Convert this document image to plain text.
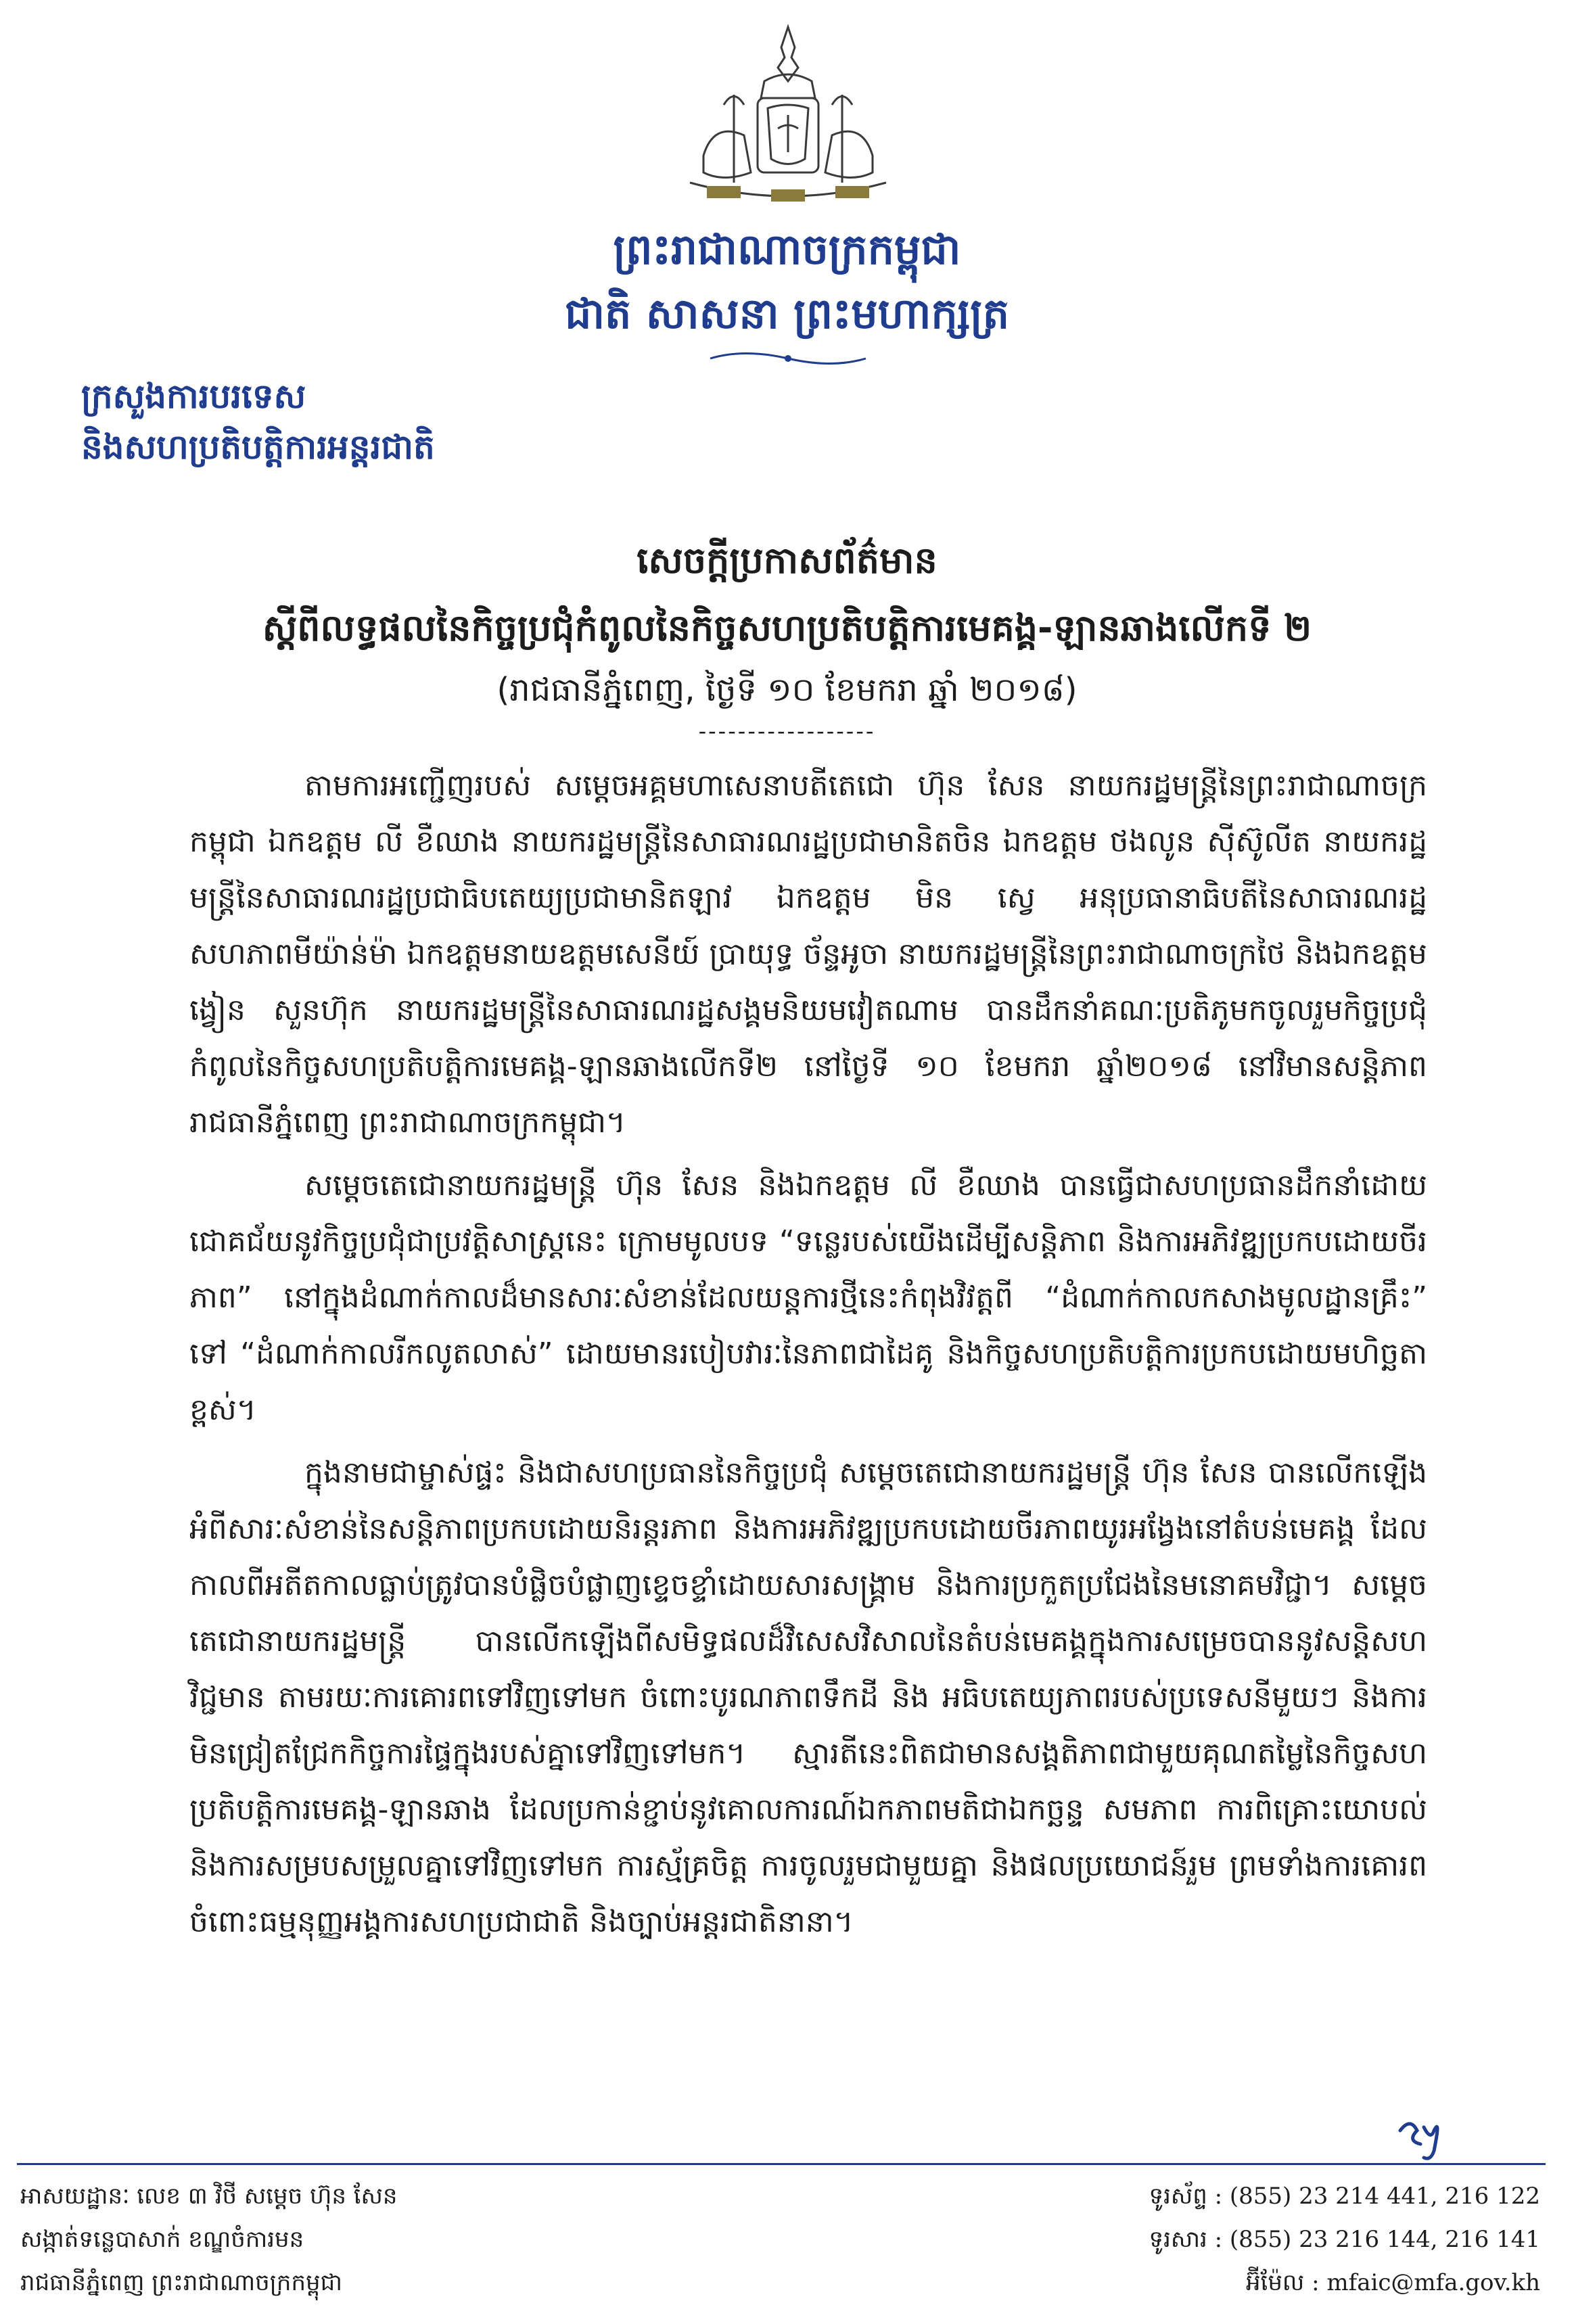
ព្រះរាជាណាចក្រកម្ពុជា
ជាតិ សាសនា ព្រះមហាក្សត្រ
ក្រសួងការបរទេស
និងសហប្រតិបត្តិការអន្តរជាតិ
សេចក្តីប្រកាសព័ត៌មាន
ស្តីពីលទ្ធផលនៃកិច្ចប្រជុំកំពូលនៃកិច្ចសហប្រតិបត្តិការមេគង្គ-ឡានឆាងលើកទី ២
(រាជធានីភ្នំពេញ, ថ្ងៃទី ១០ ខែមករា ឆ្នាំ ២០១៨)
------------------

តាមការអញ្ជើញរបស់ សម្តេចអគ្គមហាសេនាបតីតេជោ ហ៊ុន សែន នាយករដ្ឋមន្ត្រីនៃព្រះរាជាណាចក្រកម្ពុជា ឯកឧត្តម លី ខឺឈាង នាយករដ្ឋមន្ត្រីនៃសាធារណរដ្ឋប្រជាមានិតចិន ឯកឧត្តម ថងលូន ស៊ីស៊ូលីត នាយករដ្ឋមន្ត្រីនៃសាធារណរដ្ឋប្រជាធិបតេយ្យប្រជាមានិតឡាវ ឯកឧត្តម មិន ស្វេ អនុប្រធានាធិបតីនៃសាធារណរដ្ឋសហភាពមីយ៉ាន់ម៉ា ឯកឧត្តមនាយឧត្តមសេនីយ៍ ប្រាយុទ្ធ ច័ន្ទអូចា នាយករដ្ឋមន្ត្រីនៃព្រះរាជាណាចក្រថៃ និងឯកឧត្តម ង្វៀន សួនហ៊ុក នាយករដ្ឋមន្ត្រីនៃសាធារណរដ្ឋសង្គមនិយមវៀតណាម បានដឹកនាំគណៈប្រតិភូមកចូលរួមកិច្ចប្រជុំកំពូលនៃកិច្ចសហប្រតិបត្តិការមេគង្គ-ឡានឆាងលើកទី២ នៅថ្ងៃទី ១០ ខែមករា ឆ្នាំ២០១៨ នៅវិមានសន្តិភាព រាជធានីភ្នំពេញ ព្រះរាជាណាចក្រកម្ពុជា។

សម្តេចតេជោនាយករដ្ឋមន្ត្រី ហ៊ុន សែន និងឯកឧត្តម លី ខឺឈាង បានធ្វើជាសហប្រធានដឹកនាំដោយជោគជ័យនូវកិច្ចប្រជុំជាប្រវត្តិសាស្ត្រនេះ ក្រោមមូលបទ “ទន្លេរបស់យើងដើម្បីសន្តិភាព និងការអភិវឌ្ឍប្រកបដោយចីរភាព” នៅក្នុងដំណាក់កាលដ៏មានសារៈសំខាន់ដែលយន្តការថ្មីនេះកំពុងវិវត្តពី “ដំណាក់កាលកសាងមូលដ្ឋានគ្រឹះ” ទៅ “ដំណាក់កាលរីកលូតលាស់” ដោយមានរបៀបវារៈនៃភាពជាដៃគូ និងកិច្ចសហប្រតិបត្តិការប្រកបដោយមហិច្ឆតាខ្ពស់។

ក្នុងនាមជាម្ចាស់ផ្ទះ និងជាសហប្រធាននៃកិច្ចប្រជុំ សម្តេចតេជោនាយករដ្ឋមន្ត្រី ហ៊ុន សែន បានលើកឡើងអំពីសារៈសំខាន់នៃសន្តិភាពប្រកបដោយនិរន្តរភាព និងការអភិវឌ្ឍប្រកបដោយចីរភាពយូរអង្វែងនៅតំបន់មេគង្គ ដែលកាលពីអតីតកាលធ្លាប់ត្រូវបានបំផ្លិចបំផ្លាញខ្ទេចខ្ទាំដោយសារសង្គ្រាម និងការប្រកួតប្រជែងនៃមនោគមវិជ្ជា។ សម្តេចតេជោនាយករដ្ឋមន្ត្រី បានលើកឡើងពីសមិទ្ធផលដ៏វិសេសវិសាលនៃតំបន់មេគង្គក្នុងការសម្រេចបាននូវសន្តិសហវិជ្ជមាន តាមរយៈការគោរពទៅវិញទៅមក ចំពោះបូរណភាពទឹកដី និង អធិបតេយ្យភាពរបស់ប្រទេសនីមួយៗ និងការមិនជ្រៀតជ្រែកកិច្ចការផ្ទៃក្នុងរបស់គ្នាទៅវិញទៅមក។ ស្មារតីនេះពិតជាមានសង្គតិភាពជាមួយគុណតម្លៃនៃកិច្ចសហប្រតិបត្តិការមេគង្គ-ឡានឆាង ដែលប្រកាន់ខ្ជាប់នូវគោលការណ៍ឯកភាពមតិជាឯកច្ឆន្ទ សមភាព ការពិគ្រោះយោបល់ និងការសម្របសម្រួលគ្នាទៅវិញទៅមក ការស្ម័គ្រចិត្ត ការចូលរួមជាមួយគ្នា និងផលប្រយោជន៍រួម ព្រមទាំងការគោរពចំពោះធម្មនុញ្ញអង្គការសហប្រជាជាតិ និងច្បាប់អន្តរជាតិនានា។

អាសយដ្ឋានៈ លេខ ៣ វិថី សម្តេច ហ៊ុន សែន
សង្កាត់ទន្លេបាសាក់ ខណ្ឌចំការមន
រាជធានីភ្នំពេញ ព្រះរាជាណាចក្រកម្ពុជា
ទូរស័ព្ទ : (855) 23 214 441, 216 122
ទូរសារ : (855) 23 216 144, 216 141
អ៊ីម៉ែល : mfaic@mfa.gov.kh
